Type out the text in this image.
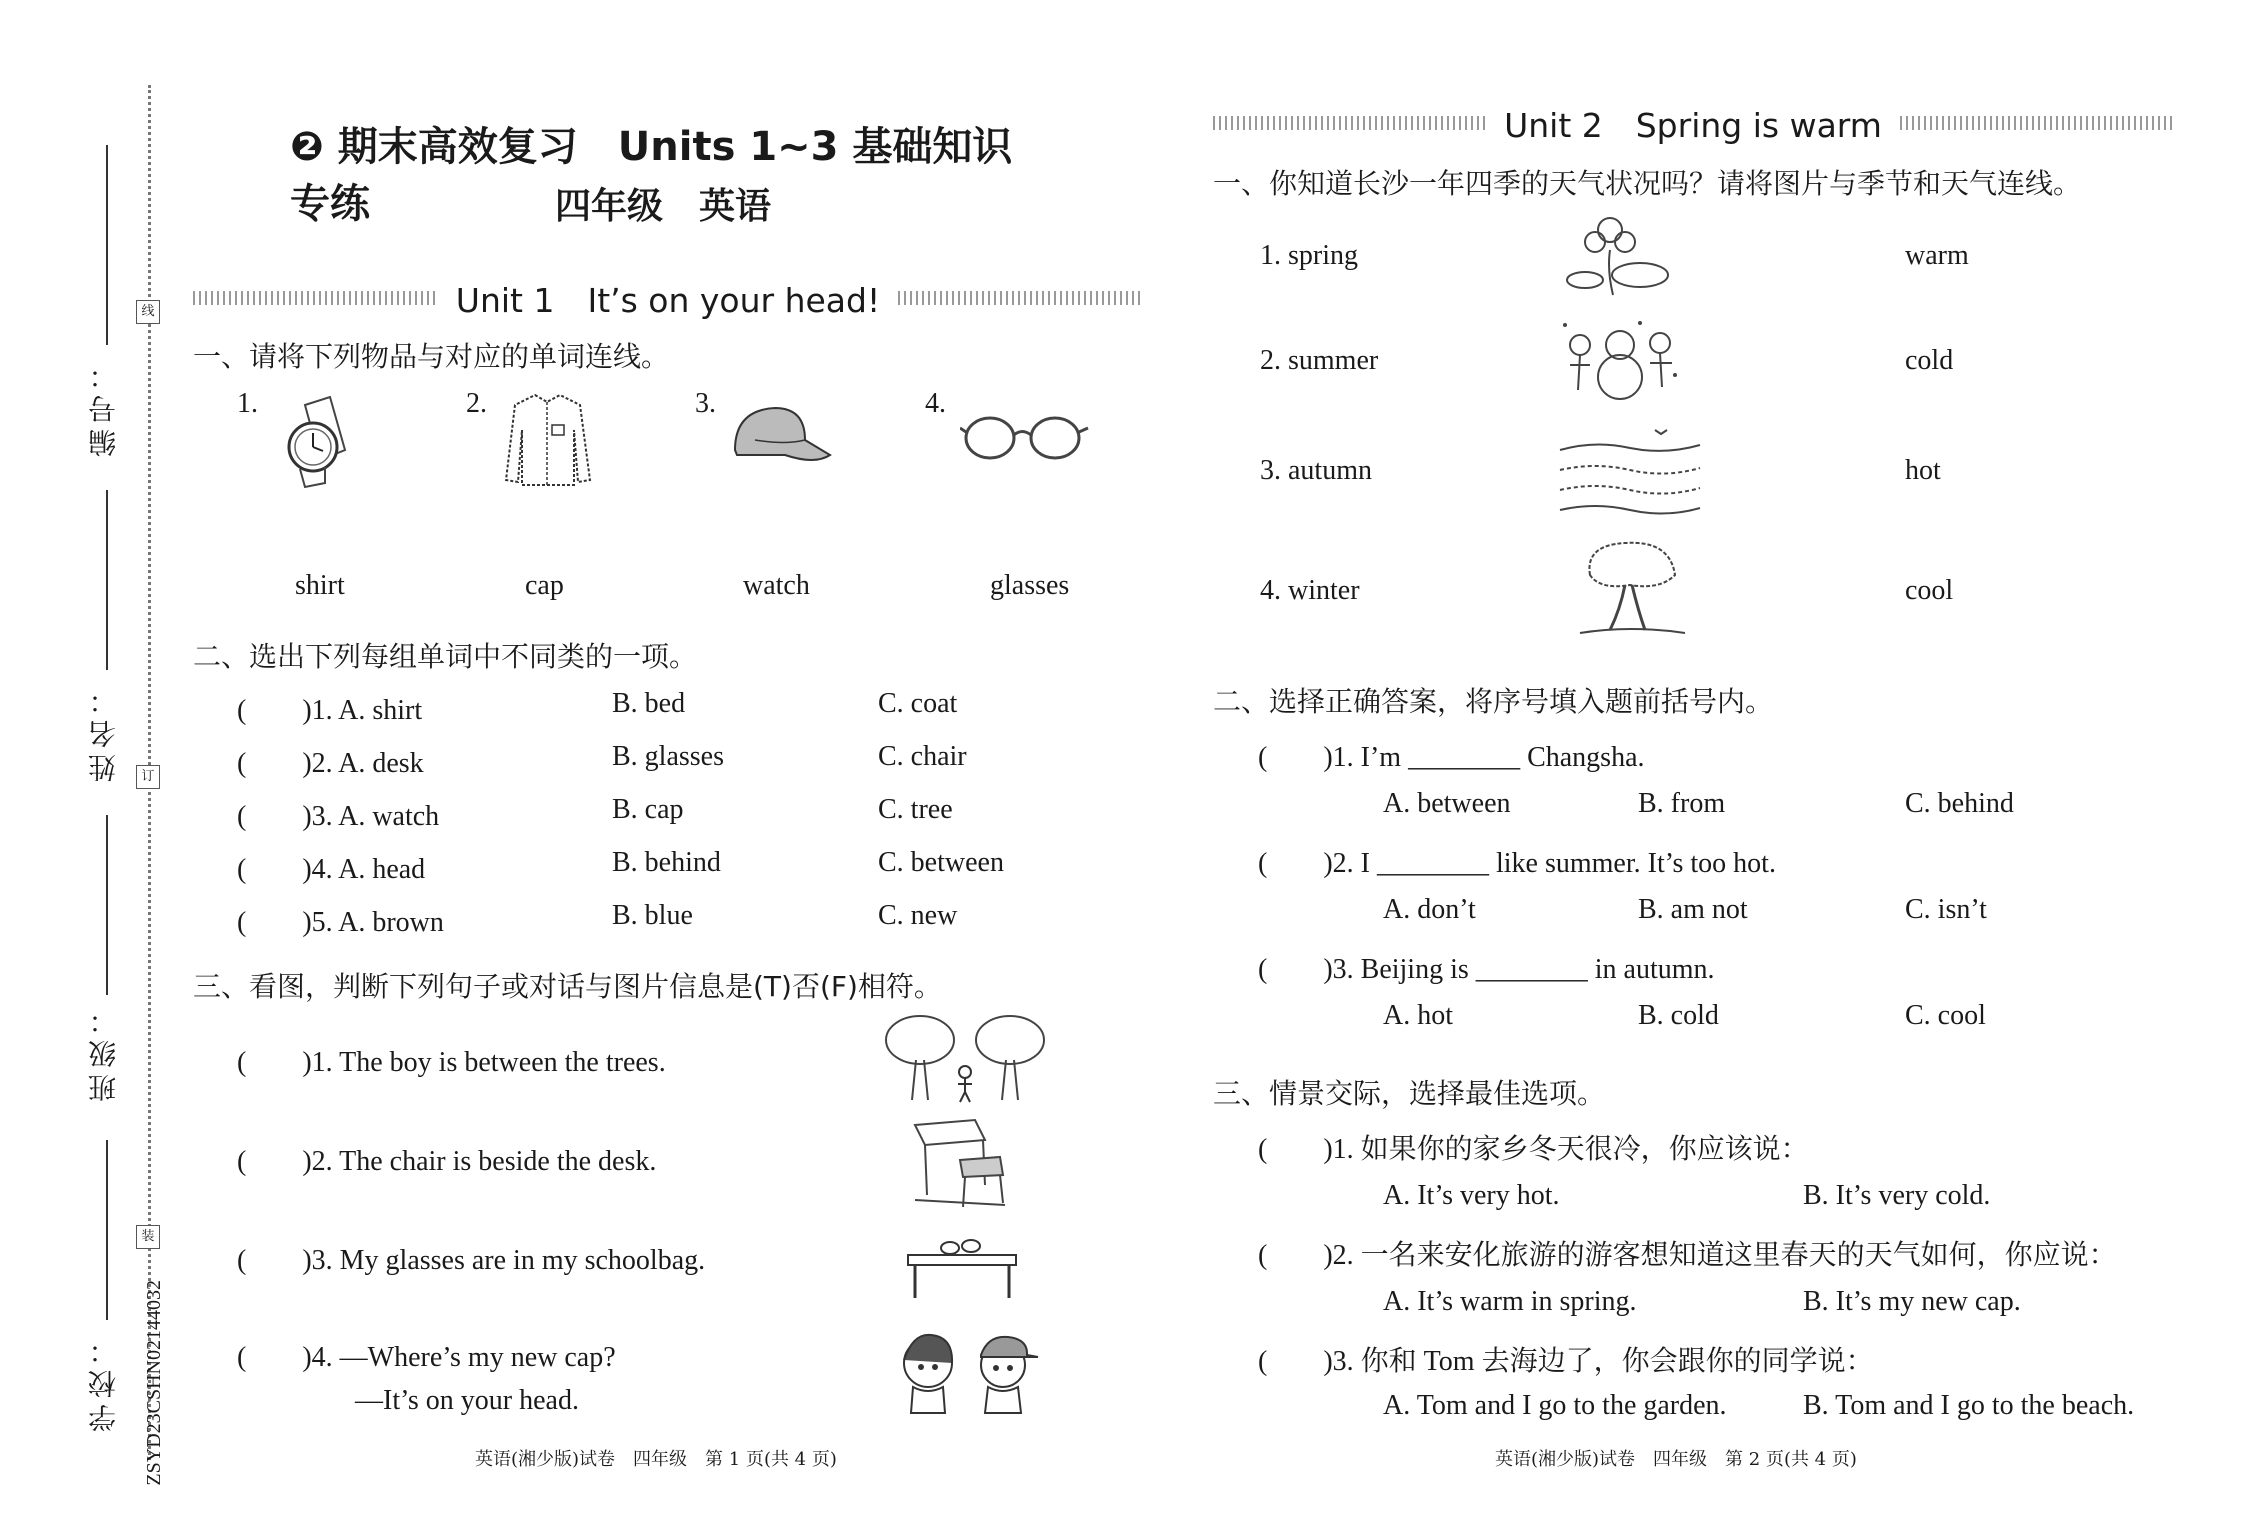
线
订
装
学校：
班级：
姓名：
编号：
ZSYD23CSHN02144032
❷ 期末高效复习　Units 1~3 基础知识专练	四年级　英语
Unit 1　It’s on your head!
一、请将下列物品与对应的单词连线。
1.	2.	3.	4.
shirt	cap	watch	glasses
二、选出下列每组单词中不同类的一项。
(　　)1. A. shirt	B. bed	C. coat
(　　)2. A. desk	B. glasses	C. chair
(　　)3. A. watch	B. cap	C. tree
(　　)4. A. head	B. behind	C. between
(　　)5. A. brown	B. blue	C. new
三、看图，判断下列句子或对话与图片信息是(T)否(F)相符。
(　　)1. The boy is between the trees.
(　　)2. The chair is beside the desk.
(　　)3. My glasses are in my schoolbag.
(　　)4. —Where’s my new cap?
—It’s on your head.
英语(湘少版)试卷　四年级　第 1 页(共 4 页)
Unit 2　Spring is warm
一、你知道长沙一年四季的天气状况吗？请将图片与季节和天气连线。
1. spring
2. summer
3. autumn
4. winter
warm
cold
hot
cool
二、选择正确答案，将序号填入题前括号内。
(　　)1. I’m ________ Changsha.
A. between	B. from	C. behind
(　　)2. I ________ like summer. It’s too hot.
A. don’t	B. am not	C. isn’t
(　　)3. Beijing is ________ in autumn.
A. hot	B. cold	C. cool
三、情景交际，选择最佳选项。
(　　)1. 如果你的家乡冬天很冷，你应该说：
A. It’s very hot.	B. It’s very cold.
(　　)2. 一名来安化旅游的游客想知道这里春天的天气如何，你应说：
A. It’s warm in spring.	B. It’s my new cap.
(　　)3. 你和 Tom 去海边了，你会跟你的同学说：
A. Tom and I go to the garden.	B. Tom and I go to the beach.
英语(湘少版)试卷　四年级　第 2 页(共 4 页)
